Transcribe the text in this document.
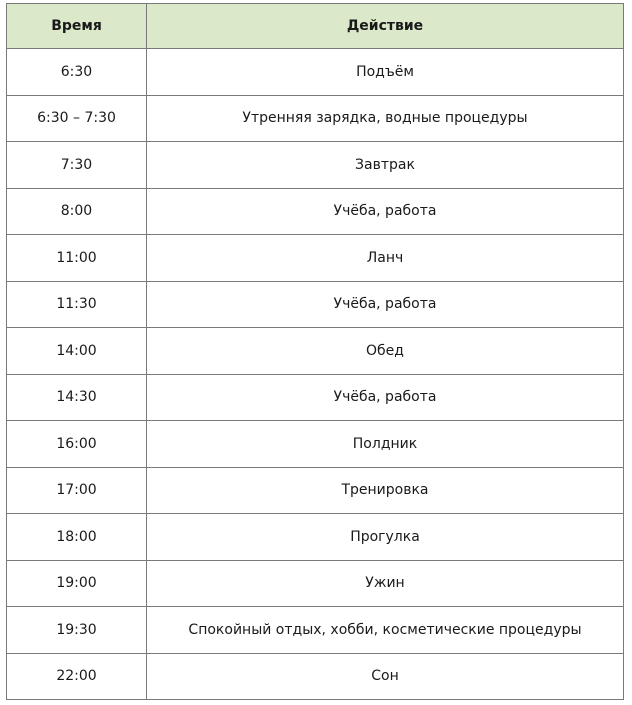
Время	Действие
6:30	Подъём
6:30 – 7:30	Утренняя зарядка, водные процедуры
7:30	Завтрак
8:00	Учёба, работа
11:00	Ланч
11:30	Учёба, работа
14:00	Обед
14:30	Учёба, работа
16:00	Полдник
17:00	Тренировка
18:00	Прогулка
19:00	Ужин
19:30	Спокойный отдых, хобби, косметические процедуры
22:00	Сон
